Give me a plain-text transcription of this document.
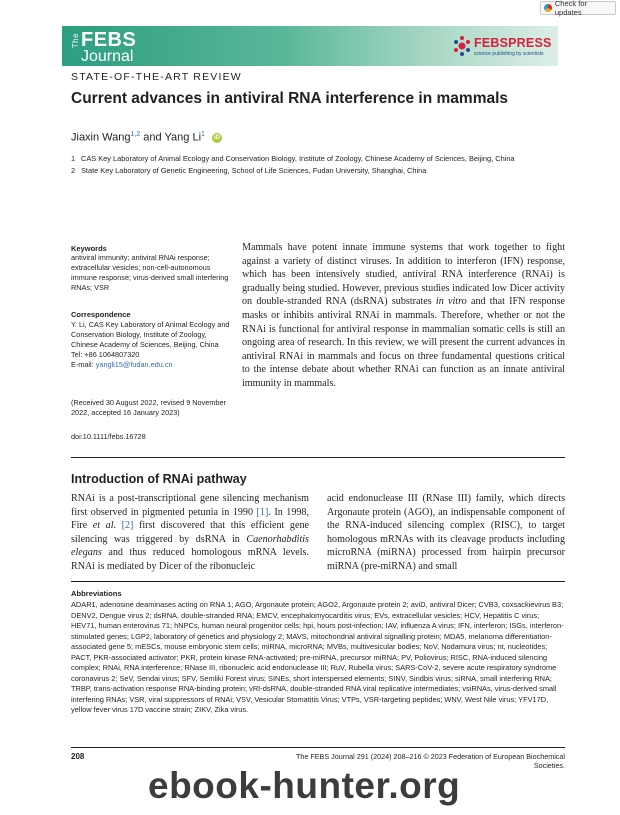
Check for updates
The FEBS
Journal
FEBSPRESS
science publishing by scientists
STATE-OF-THE-ART REVIEW
Current advances in antiviral RNA interference in mammals
Jiaxin Wang$^{1,2}$ and Yang Li$^1$ iD
1 CAS Key Laboratory of Animal Ecology and Conservation Biology, Institute of Zoology, Chinese Academy of Sciences, Beijing, China
2 State Key Laboratory of Genetic Engineering, School of Life Sciences, Fudan University, Shanghai, China
Keywords
antiviral immunity; antiviral RNAi response; extracellular vesicles; non-cell-autonomous immune response; virus-derived small interfering RNAs; VSR
Correspondence
Y. Li, CAS Key Laboratory of Animal Ecology and Conservation Biology, Institute of Zoology, Chinese Academy of Sciences, Beijing, China
Tel: +86 1064807320
E-mail: yangli15@fudan.edu.cn
(Received 30 August 2022, revised 9 November 2022, accepted 16 January 2023)
doi:10.1111/febs.16728
Mammals have potent innate immune systems that work together to fight against a variety of distinct viruses. In addition to interferon (IFN) response, which has been intensively studied, antiviral RNA interference (RNAi) is gradually being studied. However, previous studies indicated low Dicer activity on double-stranded RNA (dsRNA) substrates in vitro and that IFN response masks or inhibits antiviral RNAi in mammals. Therefore, whether or not the RNAi is functional for antiviral response in mammalian somatic cells is still an ongoing area of research. In this review, we will present the current advances in antiviral RNAi in mammals and focus on three fundamental questions critical to the intense debate about whether RNAi can function as an innate antiviral immunity in mammals.
Introduction of RNAi pathway
RNAi is a post-transcriptional gene silencing mechanism first observed in pigmented petunia in 1990 [1]. In 1998, Fire et al. [2] first discovered that this efficient gene silencing was triggered by dsRNA in Caenorhabditis elegans and thus reduced homologous mRNA levels. RNAi is mediated by Dicer of the ribonucleic
acid endonuclease III (RNase III) family, which directs Argonaute protein (AGO), an indispensable component of the RNA-induced silencing complex (RISC), to target homologous mRNAs with its cleavage products including microRNA (miRNA) processed from hairpin precursor miRNA (pre-miRNA) and small
Abbreviations
ADAR1, adenosine deaminases acting on RNA 1; AGO, Argonaute protein; AGO2, Argonaute protein 2; aviD, antiviral Dicer; CVB3, coxsackievirus B3; DENV2, Dengue virus 2; dsRNA, double-stranded RNA; EMCV, encephalomyocarditis virus; EVs, extracellular vesicles; HCV, Hepatitis C virus; HEV71, human enterovirus 71; hNPCs, human neural progenitor cells; hpi, hours post-infection; IAV, influenza A virus; IFN, interferon; ISGs, interferon-stimulated genes; LGP2, laboratory of genetics and physiology 2; MAVS, mitochondrial antiviral signalling protein; MDA5, melanoma differentiation-associated gene 5; mESCs, mouse embryonic stem cells; miRNA, microRNA; MVBs, multivesicular bodies; NoV, Nodamura virus; nt, nucleotides; PACT, PKR-associated activator; PKR, protein kinase RNA-activated; pre-miRNA, precursor miRNA; PV, Poliovirus; RISC, RNA-induced silencing complex; RNAi, RNA interference; RNase III, ribonucleic acid endonuclease III; RuV, Rubella virus; SARS-CoV-2, severe acute respiratory syndrome coronavirus 2; SeV, Sendai virus; SFV, Semliki Forest virus; SINEs, short interspersed elements; SINV, Sindbis virus; siRNA, small interfering RNA; TRBP, trans-activation response RNA-binding protein; vRI-dsRNA, double-stranded RNA viral replicative intermediates; vsiRNAs, virus-derived small interfering RNAs; VSR, viral suppressors of RNAi; VSV, Vesicular Stomatitis Virus; VTPs, VSR-targeting peptides; WNV, West Nile virus; YFV17D, yellow fever virus 17D vaccine strain; ZIKV, Zika virus.
208	The FEBS Journal 291 (2024) 208–216 © 2023 Federation of European Biochemical Societies.
ebook-hunter.org
